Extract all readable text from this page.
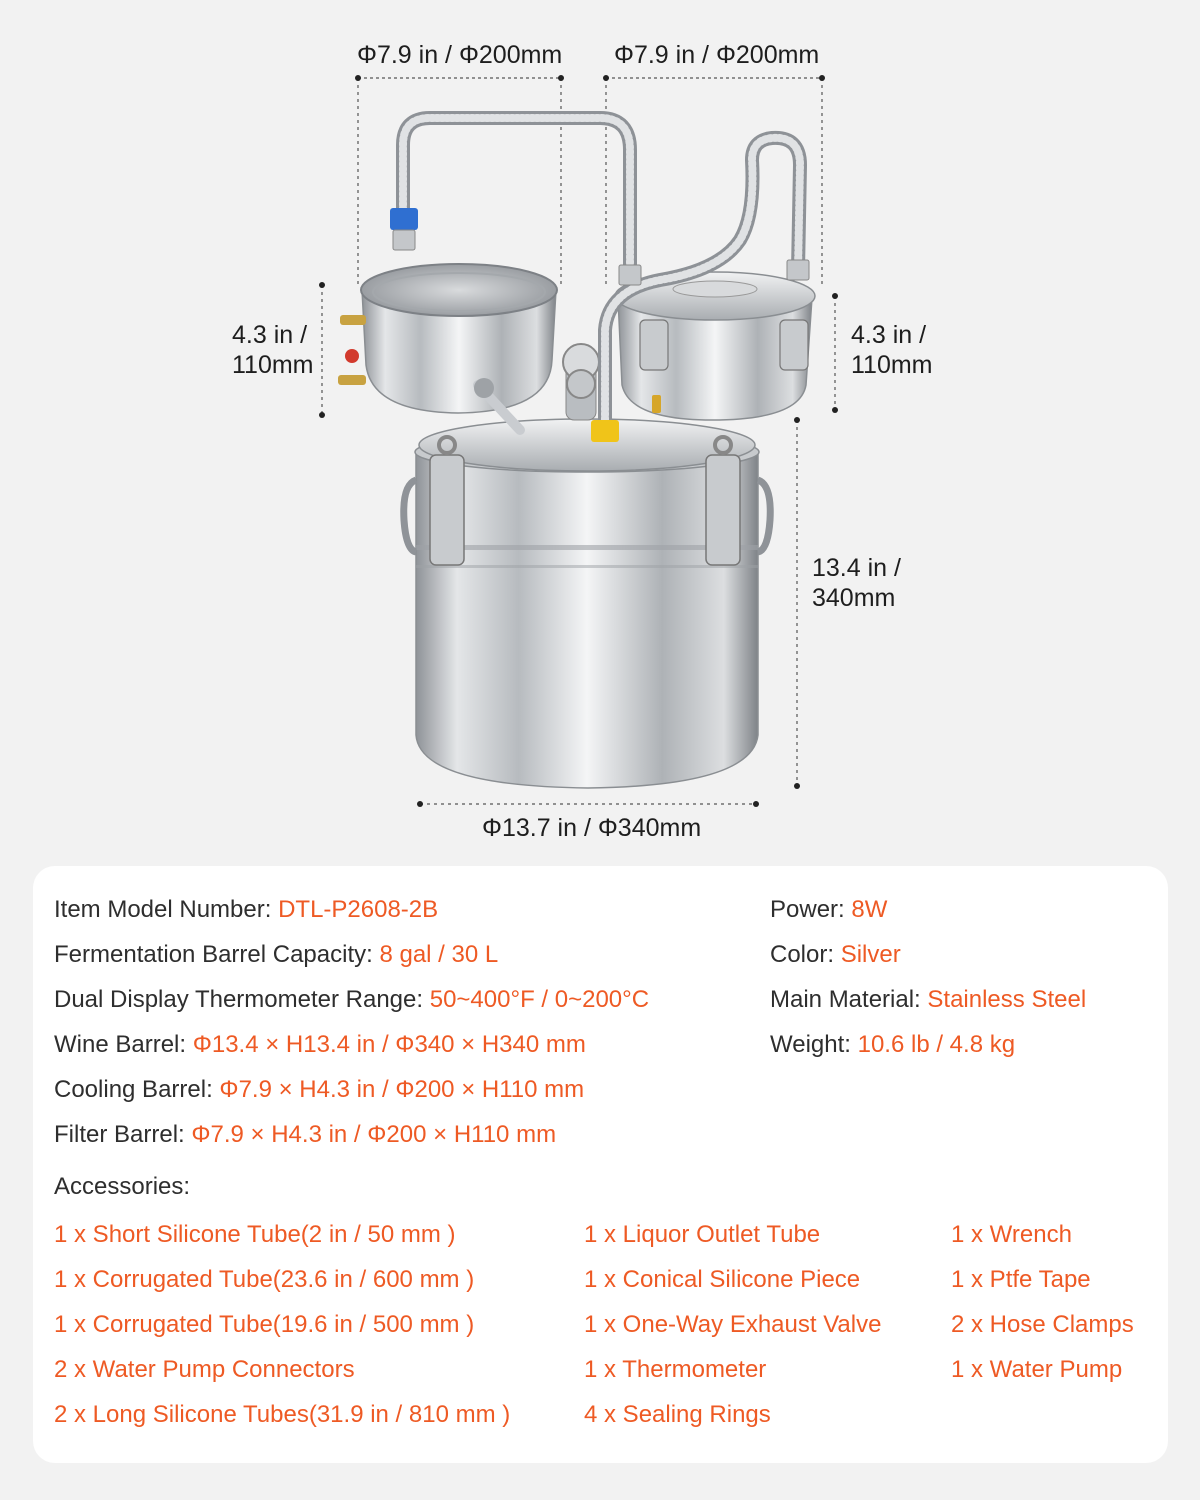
Φ7.9 in / Φ200mm Φ7.9 in / Φ200mm
4.3 in /
110mm
4.3 in /
110mm
13.4 in /
340mm
Φ13.7 in / Φ340mm
Item Model Number: DTL-P2608-2B
Fermentation Barrel Capacity: 8 gal / 30 L
Dual Display Thermometer Range: 50~400°F / 0~200°C
Wine Barrel: Φ13.4 × H13.4 in / Φ340 × H340 mm
Cooling Barrel: Φ7.9 × H4.3 in / Φ200 × H110 mm
Filter Barrel: Φ7.9 × H4.3 in / Φ200 × H110 mm
Power: 8W
Color: Silver
Main Material: Stainless Steel
Weight: 10.6 lb / 4.8 kg
Accessories:
1 x Short Silicone Tube(2 in / 50 mm )
1 x Corrugated Tube(23.6 in / 600 mm )
1 x Corrugated Tube(19.6 in / 500 mm )
2 x Water Pump Connectors
2 x Long Silicone Tubes(31.9 in / 810 mm )
1 x Liquor Outlet Tube
1 x Conical Silicone Piece
1 x One-Way Exhaust Valve
1 x Thermometer
4 x Sealing Rings
1 x Wrench
1 x Ptfe Tape
2 x Hose Clamps
1 x Water Pump
